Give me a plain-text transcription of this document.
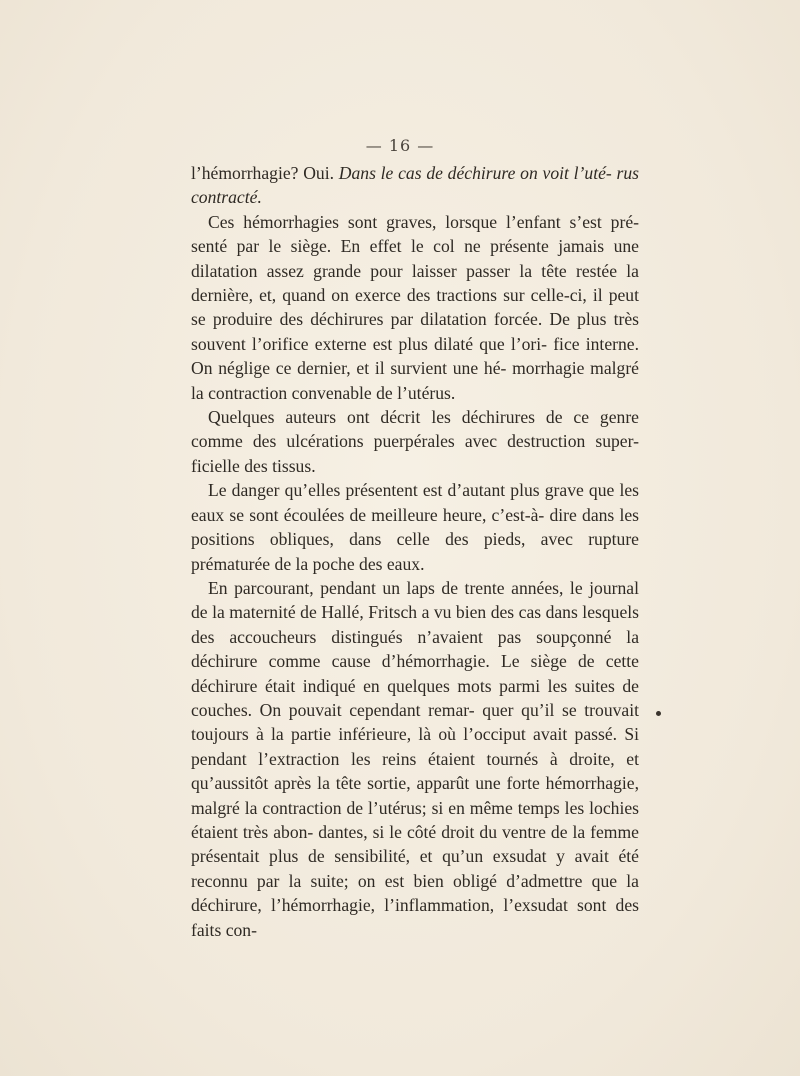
— 16 —

l’hémorrhagie? Oui. Dans le cas de déchirure on voit l’uté- rus contracté.

Ces hémorrhagies sont graves, lorsque l’enfant s’est pré- senté par le siège. En effet le col ne présente jamais une dilatation assez grande pour laisser passer la tête restée la dernière, et, quand on exerce des tractions sur celle-ci, il peut se produire des déchirures par dilatation forcée. De plus très souvent l’orifice externe est plus dilaté que l’ori- fice interne. On néglige ce dernier, et il survient une hé- morrhagie malgré la contraction convenable de l’utérus.

Quelques auteurs ont décrit les déchirures de ce genre comme des ulcérations puerpérales avec destruction super- ficielle des tissus.

Le danger qu’elles présentent est d’autant plus grave que les eaux se sont écoulées de meilleure heure, c’est-à- dire dans les positions obliques, dans celle des pieds, avec rupture prématurée de la poche des eaux.

En parcourant, pendant un laps de trente années, le journal de la maternité de Hallé, Fritsch a vu bien des cas dans lesquels des accoucheurs distingués n’avaient pas soupçonné la déchirure comme cause d’hémorrhagie. Le siège de cette déchirure était indiqué en quelques mots parmi les suites de couches. On pouvait cependant remar- quer qu’il se trouvait toujours à la partie inférieure, là où l’occiput avait passé. Si pendant l’extraction les reins étaient tournés à droite, et qu’aussitôt après la tête sortie, apparût une forte hémorrhagie, malgré la contraction de l’utérus; si en même temps les lochies étaient très abon- dantes, si le côté droit du ventre de la femme présentait plus de sensibilité, et qu’un exsudat y avait été reconnu par la suite; on est bien obligé d’admettre que la déchirure, l’hémorrhagie, l’inflammation, l’exsudat sont des faits con-
